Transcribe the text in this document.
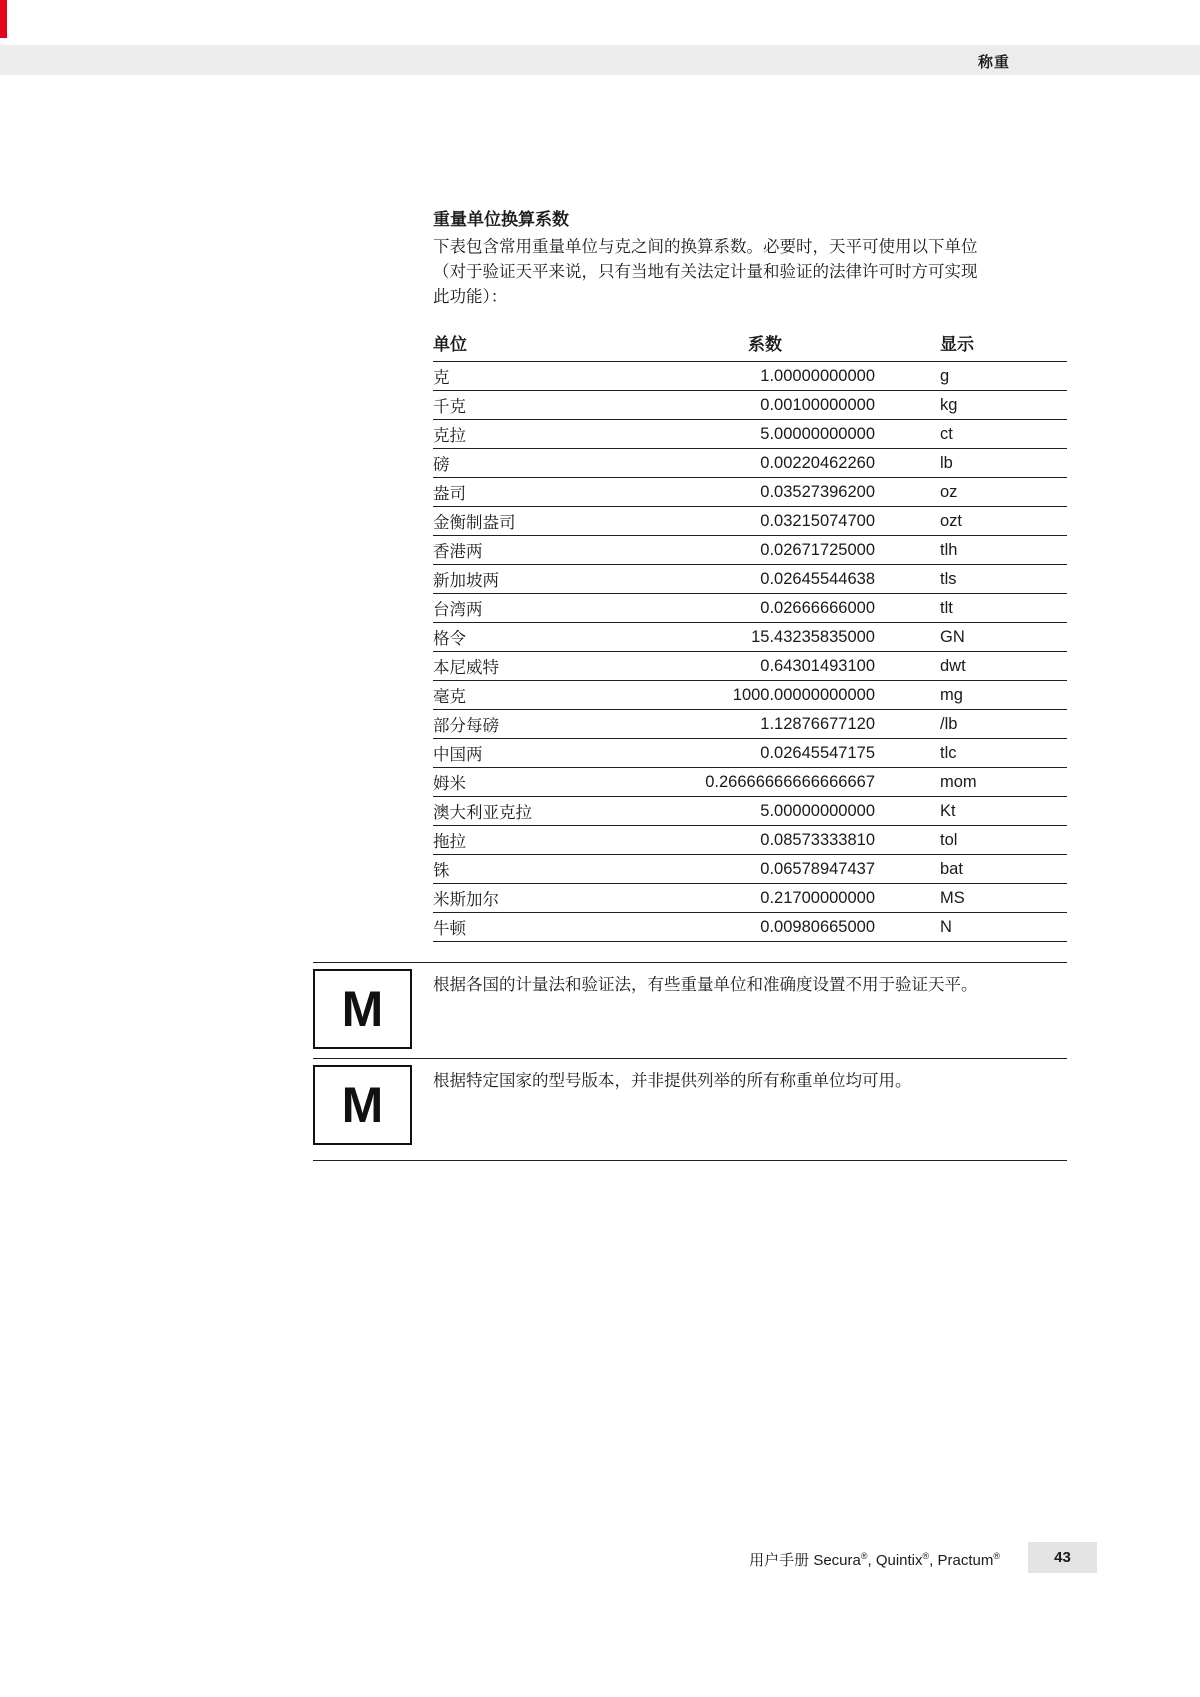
称重
重量单位换算系数
下表包含常用重量单位与克之间的换算系数。必要时，天平可使用以下单位
（对于验证天平来说，只有当地有关法定计量和验证的法律许可时方可实现
此功能）：
单位	系数	显示
克	1.00000000000	g
千克	0.00100000000	kg
克拉	5.00000000000	ct
磅	0.00220462260	lb
盎司	0.03527396200	oz
金衡制盎司	0.03215074700	ozt
香港两	0.02671725000	tlh
新加坡两	0.02645544638	tls
台湾两	0.02666666000	tlt
格令	15.43235835000	GN
本尼威特	0.64301493100	dwt
毫克	1000.00000000000	mg
部分每磅	1.12876677120	/lb
中国两	0.02645547175	tlc
姆米	0.26666666666666667	mom
澳大利亚克拉	5.00000000000	Kt
拖拉	0.08573333810	tol
铢	0.06578947437	bat
米斯加尔	0.21700000000	MS
牛顿	0.00980665000	N
M	根据各国的计量法和验证法，有些重量单位和准确度设置不用于验证天平。
M	根据特定国家的型号版本，并非提供列举的所有称重单位均可用。
用户手册 Secura®, Quintix®, Practum®	43
